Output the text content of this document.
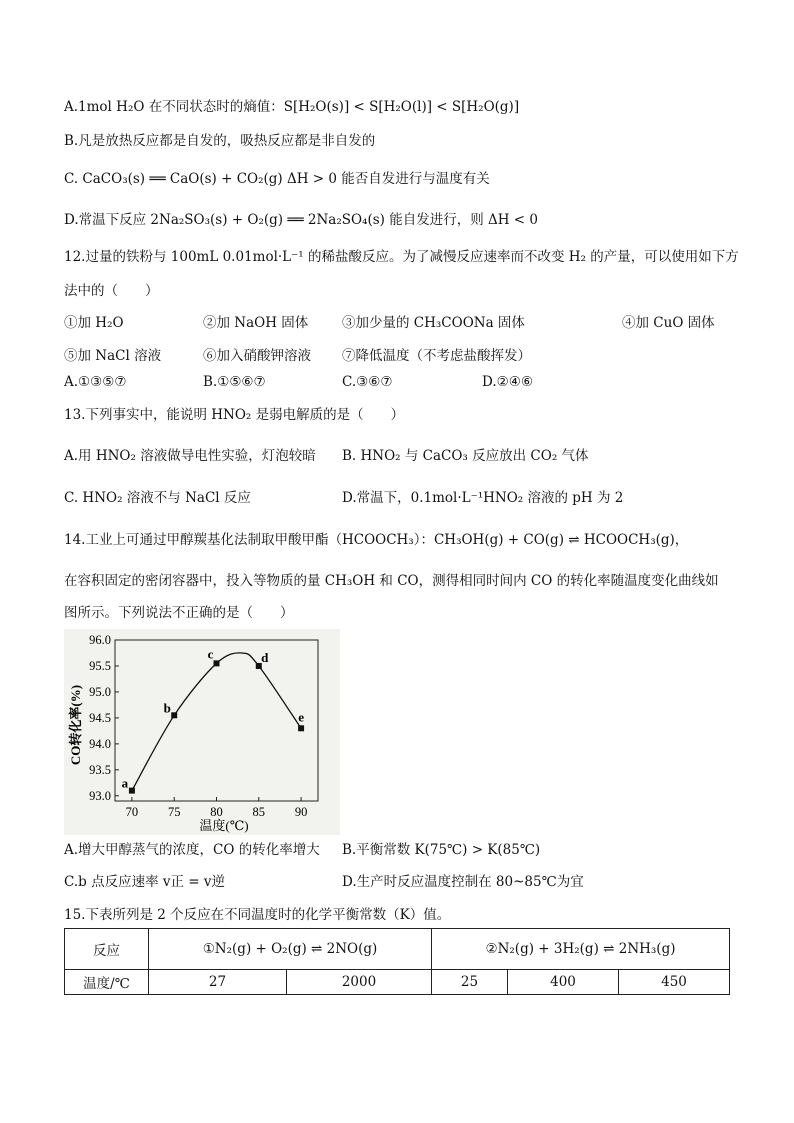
A.1mol H₂O 在不同状态时的熵值：S[H₂O(s)] < S[H₂O(l)] < S[H₂O(g)]
B.凡是放热反应都是自发的，吸热反应都是非自发的
C. CaCO₃(s) ══ CaO(s) + CO₂(g) ΔH > 0 能否自发进行与温度有关
D.常温下反应 2Na₂SO₃(s) + O₂(g) ══ 2Na₂SO₄(s) 能自发进行，则 ΔH < 0
12.过量的铁粉与 100mL 0.01mol·L⁻¹ 的稀盐酸反应。为了减慢反应速率而不改变 H₂ 的产量，可以使用如下方
法中的（　　）
①加 H₂O	②加 NaOH 固体 ③加少量的 CH₃COONa 固体	④加 CuO 固体
⑤加 NaCl 溶液	⑥加入硝酸钾溶液 ⑦降低温度（不考虑盐酸挥发）
A.①③⑤⑦	B.①⑤⑥⑦	C.③⑥⑦	D.②④⑥
13.下列事实中，能说明 HNO₂ 是弱电解质的是（　　）
A.用 HNO₂ 溶液做导电性实验，灯泡较暗 B. HNO₂ 与 CaCO₃ 反应放出 CO₂ 气体
C. HNO₂ 溶液不与 NaCl 反应	D.常温下，0.1mol·L⁻¹HNO₂ 溶液的 pH 为 2
14.工业上可通过甲醇羰基化法制取甲酸甲酯（HCOOCH₃）：CH₃OH(g) + CO(g) ⇌ HCOOCH₃(g)，
在容积固定的密闭容器中，投入等物质的量 CH₃OH 和 CO，测得相同时间内 CO 的转化率随温度变化曲线如
图所示。下列说法不正确的是（　　）
93.0
93.5
94.0
94.5
95.0
95.5
96.0
70 75 80 85 90
a
b
c	d
e
CO转化率(%)
温度(℃)
A.增大甲醇蒸气的浓度，CO 的转化率增大 B.平衡常数 K(75℃) > K(85℃)
C.b 点反应速率 v正 = v逆	D.生产时反应温度控制在 80~85℃为宜
15.下表所列是 2 个反应在不同温度时的化学平衡常数（K）值。
反应	①N₂(g) + O₂(g) ⇌ 2NO(g)		②N₂(g) + 3H₂(g) ⇌ 2NH₃(g)		
温度/℃	27	2000	25	400	450
